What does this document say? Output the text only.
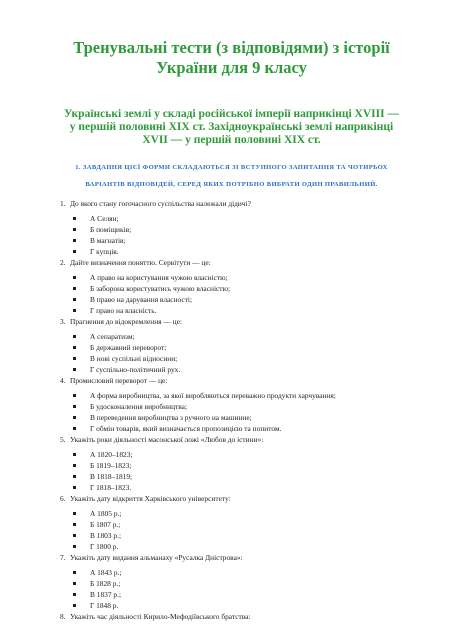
Тренувальні тести (з відповідями) з історії України для 9 класу
Українські землі у складі російської імперії наприкінці XVIII — у першій половині XIX ст. Західноукраїнські землі наприкінці XVII — у першій половині XIX ст.
1. ЗАВДАННЯ ЦІЄЇ ФОРМИ СКЛАДАЮТЬСЯ ЗІ ВСТУПНОГО ЗАПИТАННЯ ТА ЧОТИРЬОХ
ВАРІАНТІВ ВІДПОВІДЕЙ, СЕРЕД ЯКИХ ПОТРІБНО ВИБРАТИ ОДИН ПРАВИЛЬНИЙ.
1. До якого стану гогочасного суспільства належали дідичі?
А Селян;
Б поміщиків;
В магнатів;
Г купців.
2. Дайте визначення поняттю. Сервітути — це:
А право на користування чужою власністю;
Б заборона користуватись чужою власністю;
В право на дарування власності;
Г право на власність.
3. Прагнення до відокремлення — це:
А сепаратизм;
Б державний переворот;
В нові суспільні відносини;
Г суспільно-політичний рух.
4. Промисловий переворот — це:
А форма виробництва, за якої виробляються переважно продукти харчування;
Б удосконалення виробництва;
В переведення виробництва з ручного на машинне;
Г обмін товарів, який визначається пропозицією та попитом.
5. Укажіть роки діяльності масонської ложі «Любов до істини»:
А 1820–1823;
Б 1819–1823;
В 1818–1819;
Г 1818–1823.
6. Укажіть дату відкриття Харківського університету:
А 1805 р.;
Б 1807 р.;
В 1803 р.;
Г 1800 р.
7. Укажіть дату видання альманаху «Русалка Дністрова»:
А 1843 р.;
Б 1828 р.;
В 1837 р.;
Г 1848 р.
8. Укажіть час діяльності Кирило-Мефодіївського братства:
